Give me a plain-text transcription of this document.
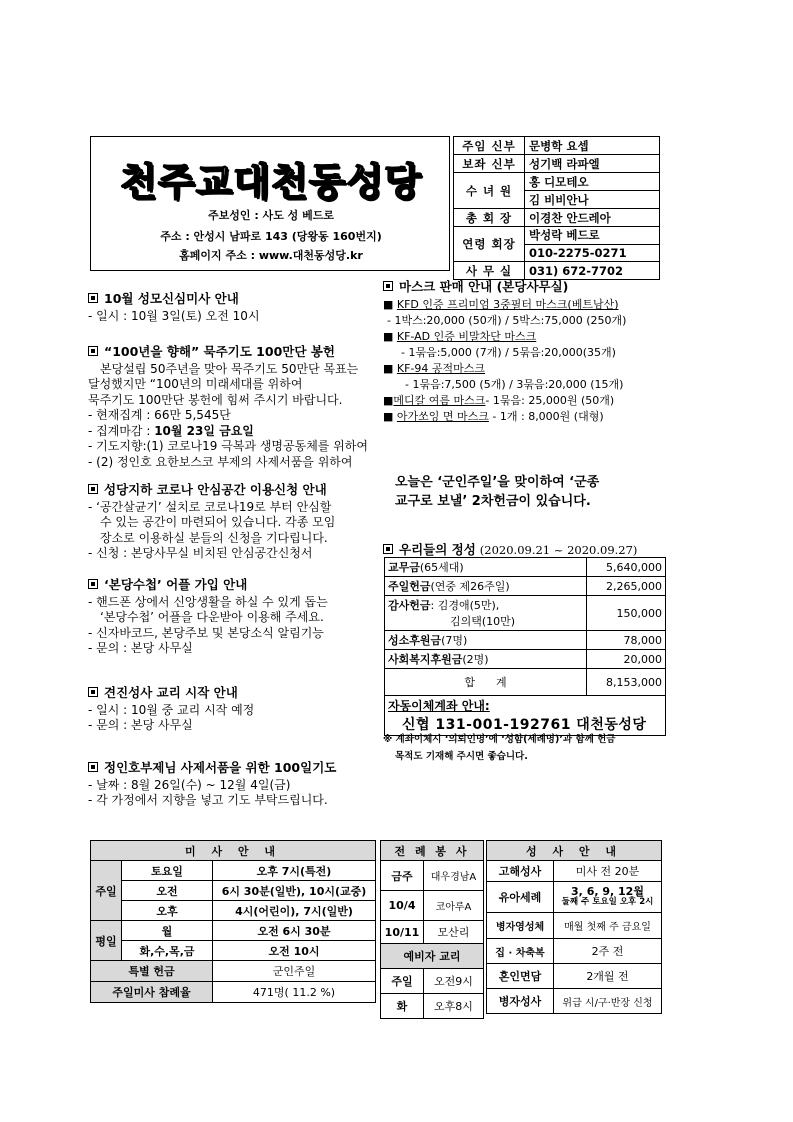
천주교대천동성당
주보성인 : 사도 성 베드로
주소 : 안성시 남파로 143 (당왕동 160번지)
홈페이지 주소 : www.대천동성당.kr
주임 신부	문병학 요셉
보좌 신부	성기백 라파엘
수 녀 원	홍 디모테오
	김 비비안나
총 회 장	이경찬 안드레아
연령 회장	박성락 베드로
	010-2275-0271
사 무 실	031) 672-7702
10월 성모신심미사 안내
- 일시 : 10월 3일(토) 오전 10시
“100년을 향해” 묵주기도 100만단 봉헌
본당설립 50주년을 맞아 묵주기도 50만단 목표는
달성했지만 “100년의 미래세대를 위하여
묵주기도 100만단 봉헌에 힘써 주시기 바랍니다.
- 현재집계 : 66만 5,545단
- 집계마감 : 10월 23일 금요일
- 기도지향:(1) 코로나19 극복과 생명공동체를 위하여
- (2) 정인호 요한보스코 부제의 사제서품을 위하여
성당지하 코로나 안심공간 이용신청 안내
- ‘공간살균기’ 설치로 코로나19로 부터 안심할
수 있는 공간이 마련되어 있습니다. 각종 모임
장소로 이용하실 분들의 신청을 기다립니다.
- 신청 : 본당사무실 비치된 안심공간신청서
‘본당수첩’ 어플 가입 안내
- 핸드폰 상에서 신앙생활을 하실 수 있게 돕는
‘본당수첩’ 어플을 다운받아 이용해 주세요.
- 신자바코드, 본당주보 및 본당소식 알림기능
- 문의 : 본당 사무실
견진성사 교리 시작 안내
- 일시 : 10월 중 교리 시작 예정
- 문의 : 본당 사무실
정인호부제님 사제서품을 위한 100일기도
- 날짜 : 8월 26일(수) ~ 12월 4일(금)
- 각 가정에서 지향을 넣고 기도 부탁드립니다.
마스크 판매 안내 (본당사무실)
■ KFD 인증 프리미엄 3중필터 마스크(베트남산)
- 1박스:20,000 (50개) / 5박스:75,000 (250개)
■ KF-AD 인증 비말차단 마스크
- 1묶음:5,000 (7개) / 5묶음:20,000(35개)
■ KF-94 공적마스크
- 1묶음:7,500 (5개) / 3묶음:20,000 (15개)
■메디칼 여름 마스크- 1묶음: 25,000원 (50개)
■ 아가쏘잉 면 마스크 - 1개 : 8,000원 (대형)
오늘은 ‘군인주일’을 맞이하여 ‘군종
교구로 보낼’ 2차헌금이 있습니다.
우리들의 정성 (2020.09.21 ~ 2020.09.27)
교무금(65세대)	5,640,000
주일헌금(연중 제26주일)	2,265,000
감사헌금: 김경애(5만),
김의택(10만)	150,000
성소후원금(7명)	78,000
사회복지후원금(2명)	20,000
합      계	8,153,000

자동이체계좌 안내:
신협 131-001-192761 대천동성당	
※ 계좌이체시 ‘의뢰인명’에 ‘성함(세례명)’과 함께 헌금
목적도 기재해 주시면 좋습니다.
미 사 안 내		
주일	토요일	오후 7시(특전)
	오전	6시 30분(일반), 10시(교중)
	오후	4시(어린이), 7시(일반)
평일	월	오전 6시 30분
	화,수,목,금	오전 10시
특별 헌금		군인주일
주일미사 참례율		471명( 11.2 %)
전 례 봉 사	
금주	대우경남A
10/4	코아루A
10/11	모산리
예비자 교리	
주일	오전9시
화	오후8시
성 사 안 내	
고해성사	미사 전 20분
유아세례	3, 6, 9, 12월
둘째 주 토요일 오후 2시

병자영성체	매월 첫째 주 금요일
집 · 차축복	2주 전
혼인면담	2개월 전
병자성사	위급 시/구·반장 신청
